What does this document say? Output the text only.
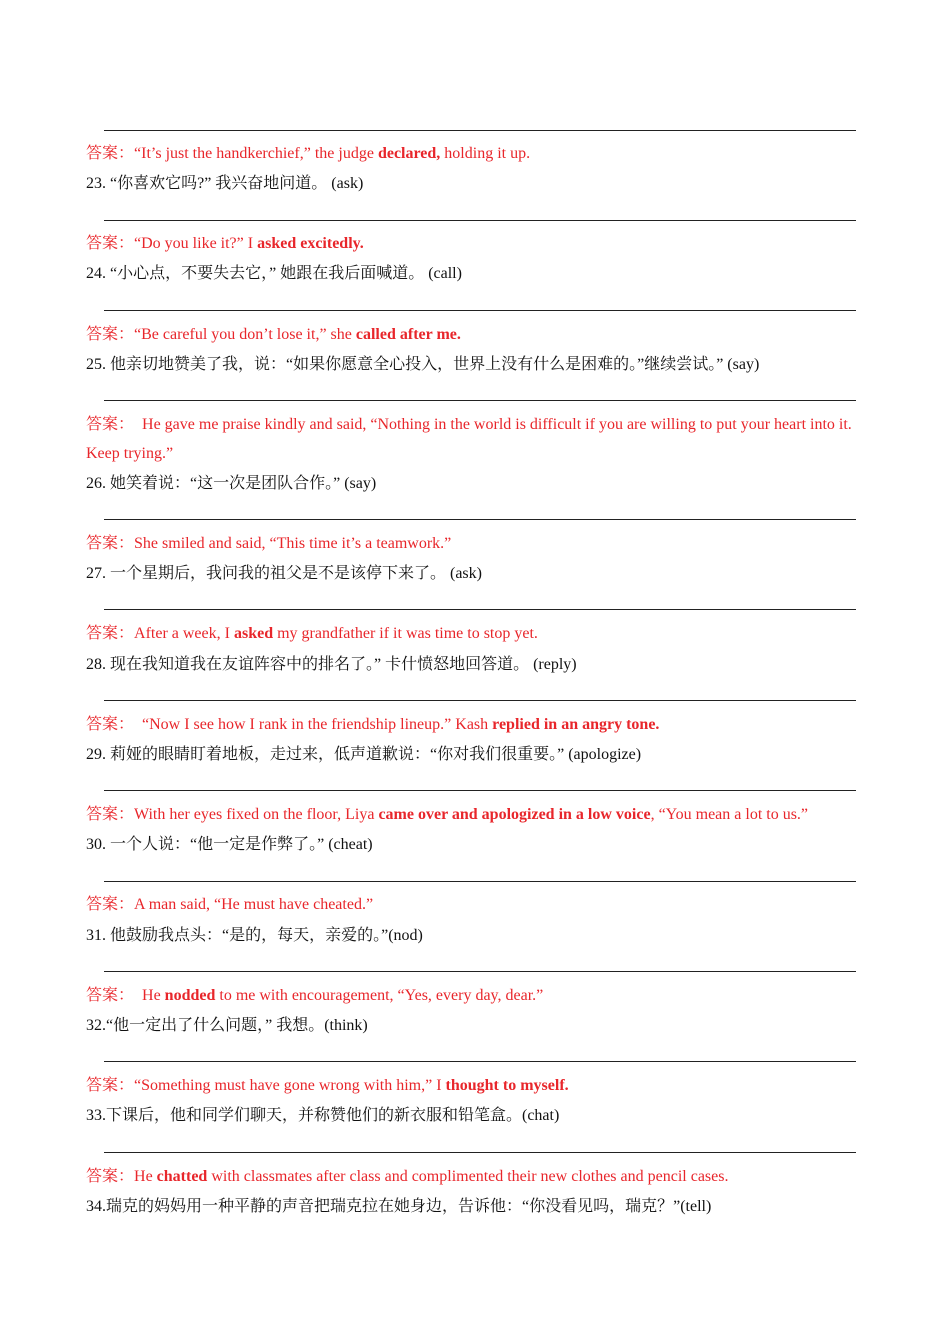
答案：“It’s just the handkerchief,” the judge declared, holding it up.
23. “你喜欢它吗?” 我兴奋地问道。 (ask)
答案：“Do you like it?” I asked excitedly.
24. “小心点，不要失去它，” 她跟在我后面喊道。 (call)
答案：“Be careful you don’t lose it,” she called after me.
25. 他亲切地赞美了我，说：“如果你愿意全心投入，世界上没有什么是困难的。”继续尝试。” (say)
答案：  He gave me praise kindly and said, “Nothing in the world is difficult if you are willing to put your heart into it. Keep trying.”
26. 她笑着说：“这一次是团队合作。” (say)
答案：She smiled and said, “This time it’s a teamwork.”
27. 一个星期后，我问我的祖父是不是该停下来了。 (ask)
答案：After a week, I asked my grandfather if it was time to stop yet.
28. 现在我知道我在友谊阵容中的排名了。” 卡什愤怒地回答道。 (reply)
答案：  “Now I see how I rank in the friendship lineup.” Kash replied in an angry tone.
29. 莉娅的眼睛盯着地板，走过来，低声道歉说：“你对我们很重要。” (apologize)
答案：With her eyes fixed on the floor, Liya came over and apologized in a low voice, “You mean a lot to us.”
30. 一个人说：“他一定是作弊了。” (cheat)
答案：A man said, “He must have cheated.”
31. 他鼓励我点头：“是的，每天，亲爱的。”(nod)
答案：  He nodded to me with encouragement, “Yes, every day, dear.”
32.“他一定出了什么问题，” 我想。(think)
答案：“Something must have gone wrong with him,” I thought to myself.
33.下课后，他和同学们聊天，并称赞他们的新衣服和铅笔盒。(chat)
答案：He chatted with classmates after class and complimented their new clothes and pencil cases.
34.瑞克的妈妈用一种平静的声音把瑞克拉在她身边，告诉他：“你没看见吗，瑞克？”(tell)
